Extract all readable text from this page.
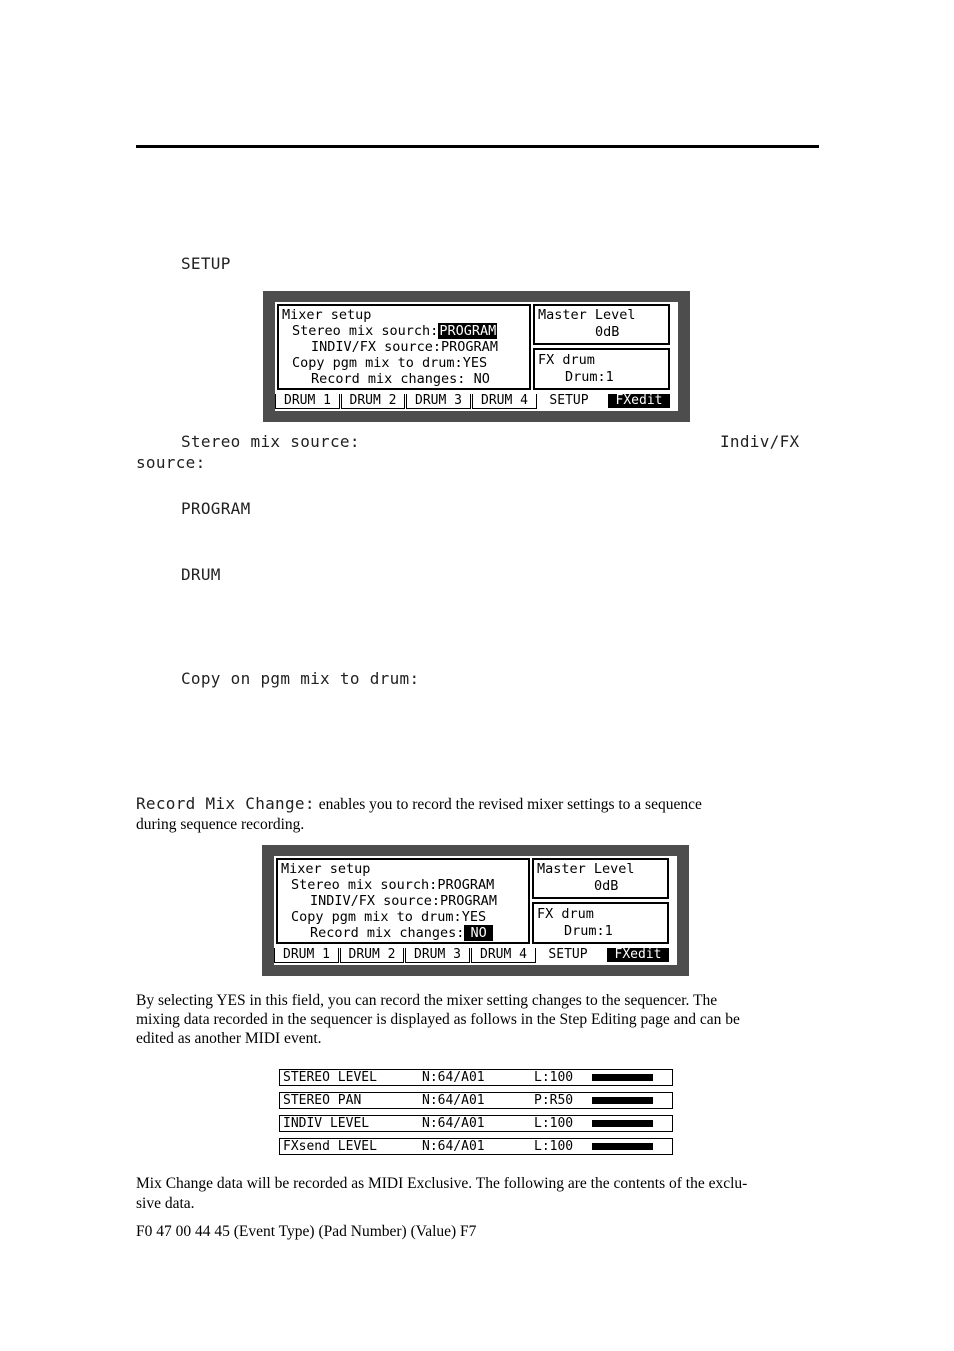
SETUP

Mixer setup

Stereo mix sourch:PROGRAM

INDIV/FX source:PROGRAM

Copy pgm mix to drum:YES

Record mix changes: NO

Master Level

0dB

FX drum

Drum:1

DRUM 1

	DRUM 2

	DRUM 3

	DRUM 4

	SETUP

	FXedit

Stereo mix source:	Indiv/FX
source:
PROGRAM
DRUM
Copy on pgm mix to drum:
Record Mix Change: enables you to record the revised mixer settings to a sequence
during sequence recording.

Mixer setup

Stereo mix sourch:PROGRAM

INDIV/FX source:PROGRAM

Copy pgm mix to drum:YES

Record mix changes: NO

Master Level

0dB

FX drum

Drum:1

DRUM 1

	DRUM 2

	DRUM 3

	DRUM 4

	SETUP

	FXedit

By selecting YES in this field, you can record the mixer setting changes to the sequencer. The
mixing data recorded in the sequencer is displayed as follows in the Step Editing page and can be
edited as another MIDI event.
STEREO LEVEL	N:64/A01	L:100
STEREO PAN	N:64/A01	P:R50
INDIV LEVEL	N:64/A01	L:100
FXsend LEVEL	N:64/A01	L:100
Mix Change data will be recorded as MIDI Exclusive. The following are the contents of the exclu-
sive data.
F0 47 00 44 45 (Event Type) (Pad Number) (Value) F7
